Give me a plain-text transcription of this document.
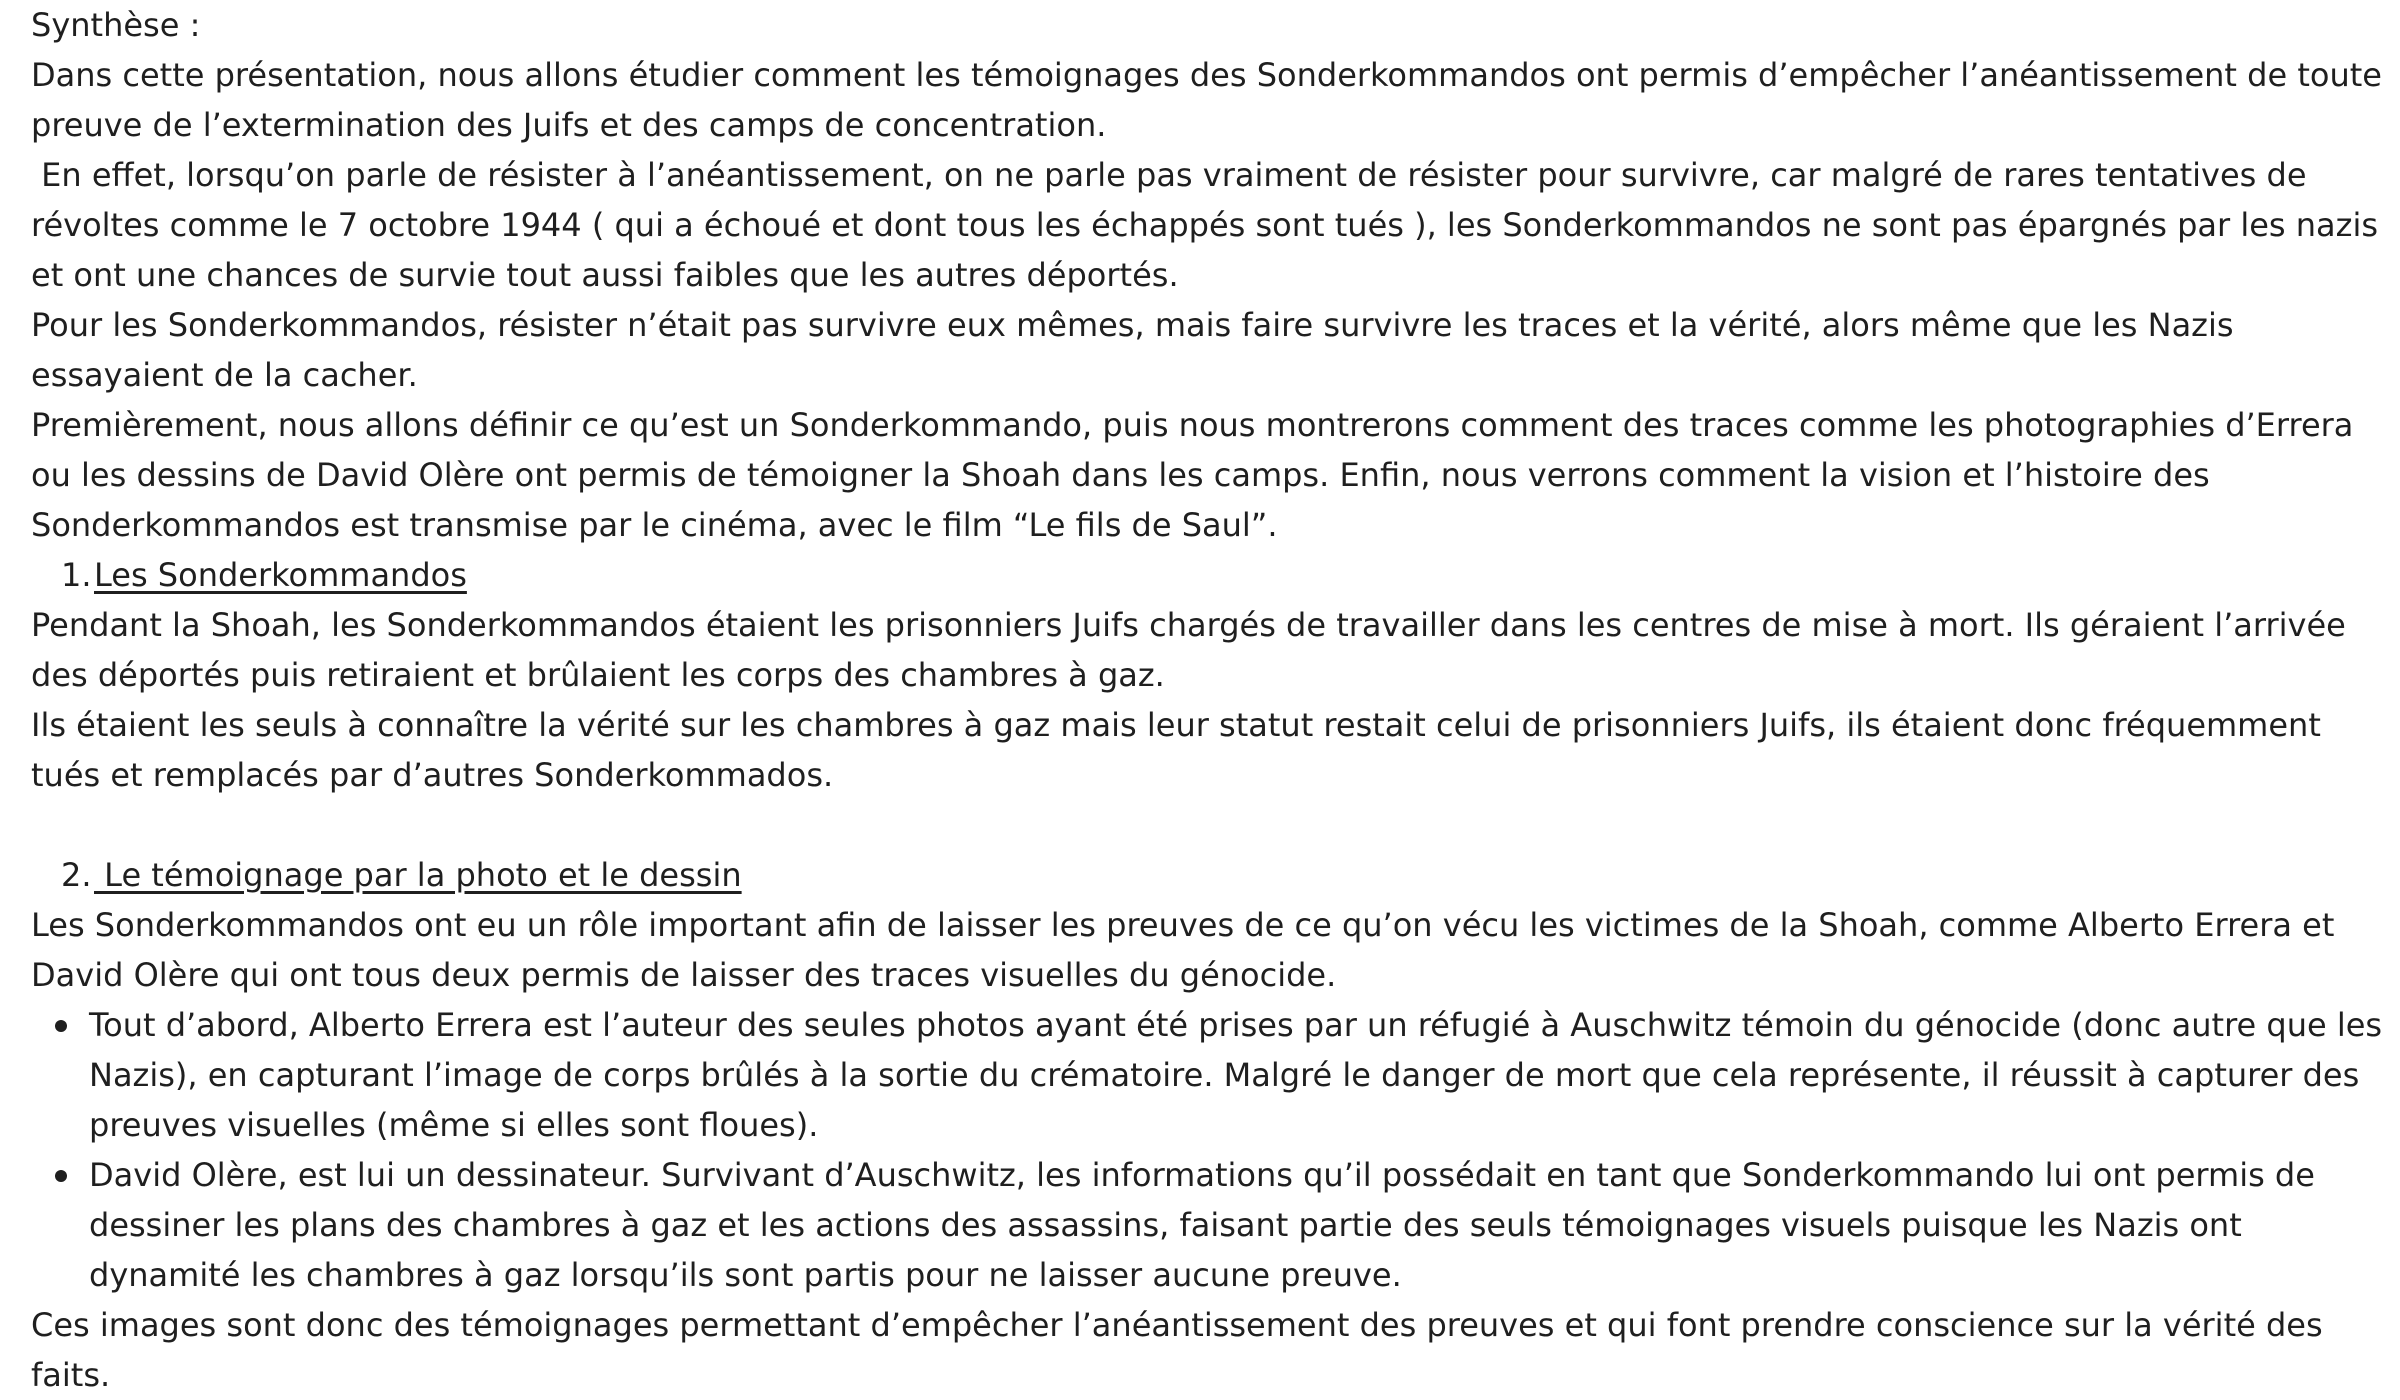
Synthèse :

Dans cette présentation, nous allons étudier comment les témoignages des Sonderkommandos ont permis d’empêcher l’anéantissement de toute preuve de l’extermination des Juifs et des camps de concentration.

En effet, lorsqu’on parle de résister à l’anéantissement, on ne parle pas vraiment de résister pour survivre, car malgré de rares tentatives de révoltes comme le 7 octobre 1944 ( qui a échoué et dont tous les échappés sont tués ), les Sonderkommandos ne sont pas épargnés par les nazis et ont une chances de survie tout aussi faibles que les autres déportés.

Pour les Sonderkommandos, résister n’était pas survivre eux mêmes, mais faire survivre les traces et la vérité, alors même que les Nazis essayaient de la cacher.

Premièrement, nous allons définir ce qu’est un Sonderkommando, puis nous montrerons comment des traces comme les photographies d’Errera ou les dessins de David Olère ont permis de témoigner la Shoah dans les camps. Enfin, nous verrons comment la vision et l’histoire des Sonderkommandos est transmise par le cinéma, avec le film “Le fils de Saul”.

1.Les Sonderkommandos

Pendant la Shoah, les Sonderkommandos étaient les prisonniers Juifs chargés de travailler dans les centres de mise à mort. Ils géraient l’arrivée des déportés puis retiraient et brûlaient les corps des chambres à gaz.

Ils étaient les seuls à connaître la vérité sur les chambres à gaz mais leur statut restait celui de prisonniers Juifs, ils étaient donc fréquemment tués et remplacés par d’autres Sonderkommados.

2. Le témoignage par la photo et le dessin

Les Sonderkommandos ont eu un rôle important afin de laisser les preuves de ce qu’on vécu les victimes de la Shoah, comme Alberto Errera et David Olère qui ont tous deux permis de laisser des traces visuelles du génocide.

Tout d’abord, Alberto Errera est l’auteur des seules photos ayant été prises par un réfugié à Auschwitz témoin du génocide (donc autre que les Nazis), en capturant l’image de corps brûlés à la sortie du crématoire. Malgré le danger de mort que cela représente, il réussit à capturer des preuves visuelles (même si elles sont floues).
David Olère, est lui un dessinateur. Survivant d’Auschwitz, les informations qu’il possédait en tant que Sonderkommando lui ont permis de dessiner les plans des chambres à gaz et les actions des assassins, faisant partie des seuls témoignages visuels puisque les Nazis ont dynamité les chambres à gaz lorsqu’ils sont partis pour ne laisser aucune preuve.

Ces images sont donc des témoignages permettant d’empêcher l’anéantissement des preuves et qui font prendre conscience sur la vérité des faits.
